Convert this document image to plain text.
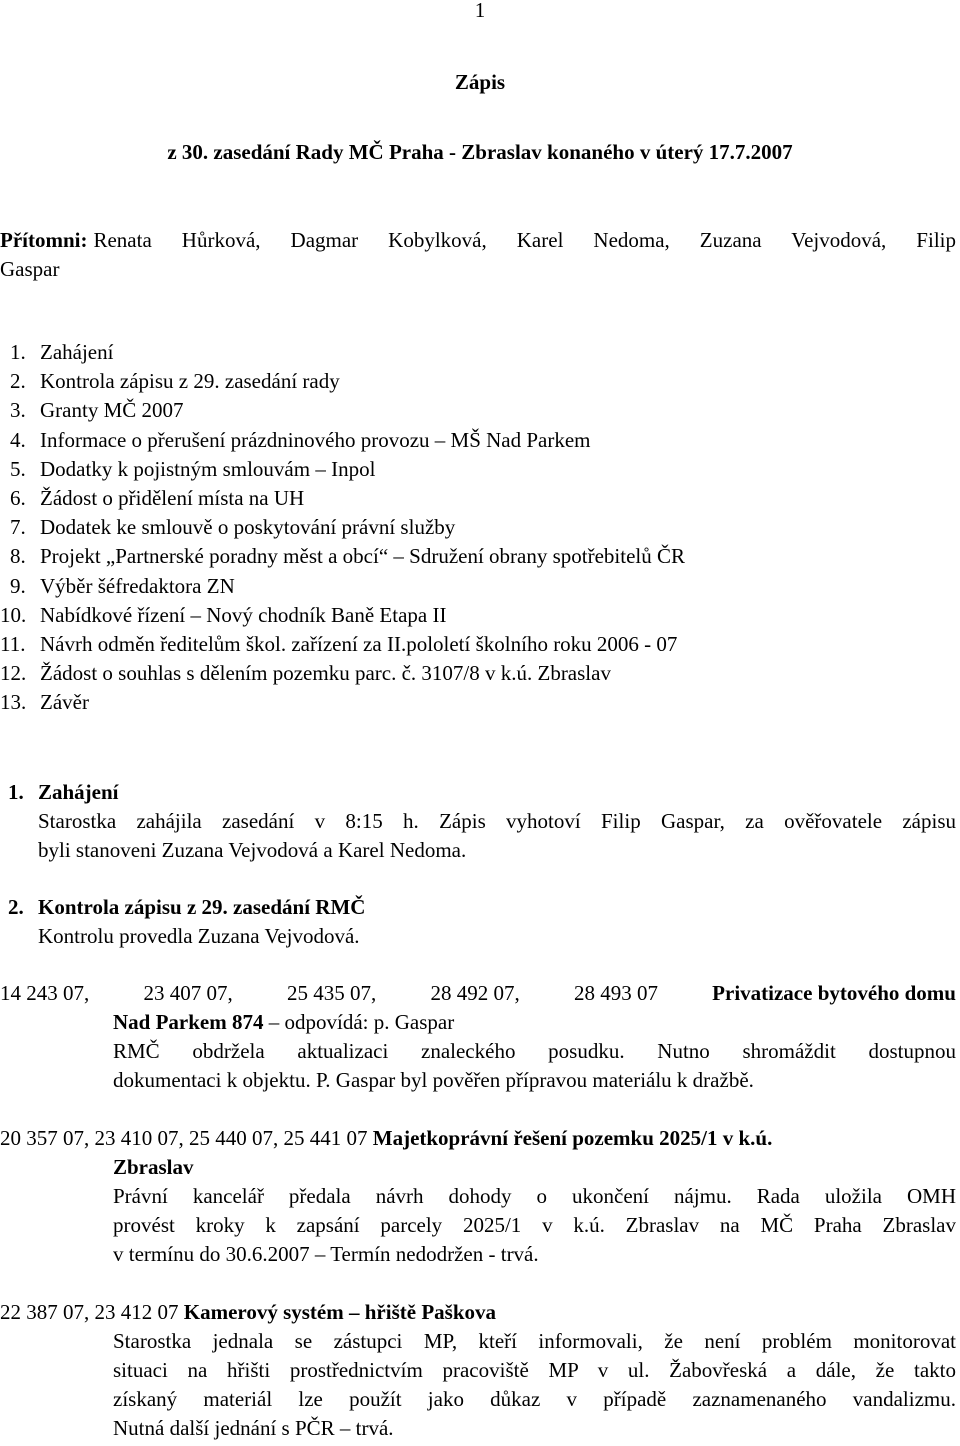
1
Zápis
z 30. zasedání Rady MČ Praha - Zbraslav konaného v úterý 17.7.2007
Přítomni: Renata Hůrková, Dagmar Kobylková, Karel Nedoma, Zuzana Vejvodová, Filip
Gaspar
1. Zahájení
2. Kontrola zápisu z 29. zasedání rady
3. Granty MČ 2007
4. Informace o přerušení prázdninového provozu – MŠ Nad Parkem
5. Dodatky k pojistným smlouvám – Inpol
6. Žádost o přidělení místa na UH
7. Dodatek ke smlouvě o poskytování právní služby
8. Projekt „Partnerské poradny měst a obcí“ – Sdružení obrany spotřebitelů ČR
9. Výběr šéfredaktora ZN
10. Nabídkové řízení – Nový chodník Baně Etapa II
11. Návrh odměn ředitelům škol. zařízení za II.pololetí školního roku 2006 - 07
12. Žádost o souhlas s dělením pozemku parc. č. 3107/8 v k.ú. Zbraslav
13. Závěr
1. Zahájení
Starostka zahájila zasedání v 8:15 h. Zápis vyhotoví Filip Gaspar, za ověřovatele zápisu
byli stanoveni Zuzana Vejvodová a Karel Nedoma.
2. Kontrola zápisu z 29. zasedání RMČ
Kontrolu provedla Zuzana Vejvodová.
14 243 07,	23 407 07,	25 435 07,	28 492 07,	28 493 07	Privatizace bytového domu
Nad Parkem 874 – odpovídá: p. Gaspar
RMČ obdržela aktualizaci znaleckého posudku. Nutno shromáždit dostupnou
dokumentaci k objektu. P. Gaspar byl pověřen přípravou materiálu k dražbě.
20 357 07, 23 410 07, 25 440 07, 25 441 07 Majetkoprávní řešení pozemku 2025/1 v k.ú.
Zbraslav
Právní kancelář předala návrh dohody o ukončení nájmu. Rada uložila OMH
provést kroky k zapsání parcely 2025/1 v k.ú. Zbraslav na MČ Praha Zbraslav
v termínu do 30.6.2007 – Termín nedodržen - trvá.
22 387 07, 23 412 07
Kamerový systém – hřiště Paškova
Starostka jednala se zástupci MP, kteří informovali, že není problém monitorovat
situaci na hřišti prostřednictvím pracoviště MP v ul. Žabovřeská a dále, že takto
získaný materiál lze použít jako důkaz v případě zaznamenaného vandalizmu.
Nutná další jednání s PČR – trvá.
